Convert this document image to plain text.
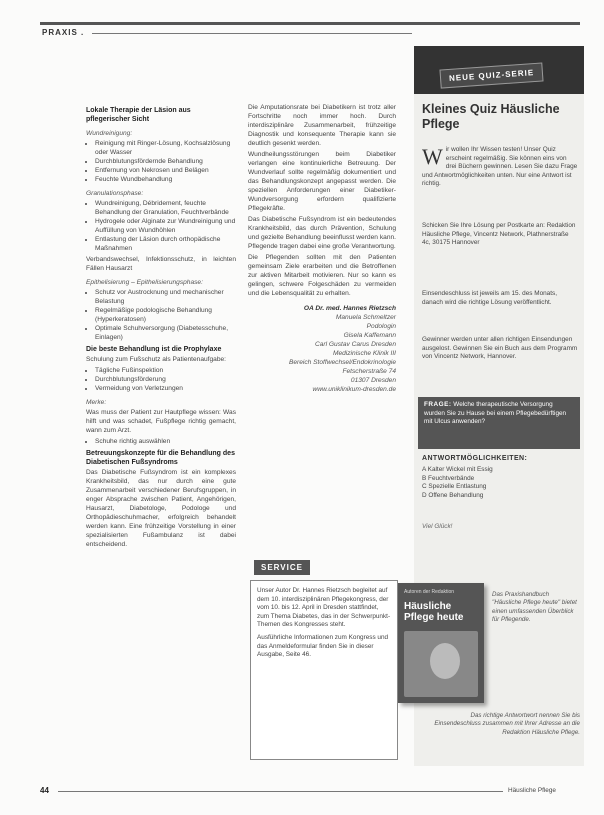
PRAXIS .
Lokale Therapie der Läsion aus pflegerischer Sicht
Wundreinigung:
• Reinigung mit Ringer-Lösung, Kochsalzlösung oder Wasser
• Durchblutungsfördernde Behandlung
• Entfernung von Nekrosen und Belägen
• Feuchte Wundbehandlung
Granulationsphase:
• Wundreinigung, Débridement, feuchte Behandlung der Granulation, Feuchtverbände
• Hydrogele oder Alginate zur Wundreinigung und Auffüllung von Wundhöhlen
• Entlastung der Läsion durch orthopädische Maßnahmen

Verbandswechsel, Infektionsschutz, in leichten Fällen Hausarzt

Epithelisierung – Epithelisierungsphase:
• Schutz vor Austrocknung und mechanischer Belastung
• Regelmäßige podologische Behandlung (Hyperkeratosen)
• Optimale Schuhversorgung (Diabetesschuhe, Einlagen)
Die beste Behandlung ist die Prophylaxe

Schulung zum Fußschutz als Patientenaufgabe:

• Tägliche Fußinspektion
• Durchblutungsförderung
• Vermeidung von Verletzungen
Merke:

Was muss der Patient zur Hautpflege wissen: Was hilft und was schadet, Fußpflege richtig gemacht, wann zum Arzt.

• Schuhe richtig auswählen
Betreuungskonzepte für die Behandlung des Diabetischen Fußsyndroms

Das Diabetische Fußsyndrom ist ein komplexes Krankheitsbild, das nur durch eine gute Zusammenarbeit verschiedener Berufsgruppen, in enger Absprache zwischen Patient, Angehörigen, Hausarzt, Diabetologe, Podologe und Orthopädieschuhmacher, erfolgreich behandelt werden kann. Eine frühzeitige Vorstellung in einer spezialisierten Fußambulanz ist dabei entscheidend.

Die Amputationsrate bei Diabetikern ist trotz aller Fortschritte noch immer hoch. Durch interdisziplinäre Zusammenarbeit, frühzeitige Diagnostik und konsequente Therapie kann sie deutlich gesenkt werden.

Wundheilungsstörungen beim Diabetiker verlangen eine kontinuierliche Betreuung. Der Wundverlauf sollte regelmäßig dokumentiert und das Behandlungskonzept angepasst werden. Die speziellen Anforderungen einer Diabetiker-Wundversorgung erfordern qualifizierte Pflegekräfte.

Das Diabetische Fußsyndrom ist ein bedeutendes Krankheitsbild, das durch Prävention, Schulung und gezielte Behandlung beeinflusst werden kann. Pflegende tragen dabei eine große Verantwortung.

Die Pflegenden sollten mit den Patienten gemeinsam Ziele erarbeiten und die Betroffenen zur aktiven Mitarbeit motivieren. Nur so kann es gelingen, schwere Folgeschäden zu vermeiden und die Lebensqualität zu erhalten.

OA Dr. med. Hannes Rietzsch
Manuela Schmeltzer
Podologin
Gisela Kaffemann
Carl Gustav Carus Dresden
Medizinische Klinik III
Bereich Stoffwechsel/Endokrinologie
Fetscherstraße 74
01307 Dresden
www.uniklinikum-dresden.de
SERVICE

Unser Autor Dr. Hannes Rietzsch begleitet auf dem 10. interdisziplinären Pflegekongress, der vom 10. bis 12. April in Dresden stattfindet, zum Thema Diabetes, das in der Schwerpunkt-Themen des Kongresses steht.

Ausführliche Informationen zum Kongress und das Anmeldeformular finden Sie in dieser Ausgabe, Seite 46.

NEUE QUIZ-SERIE
Kleines Quiz Häusliche Pflege
W ir wollen Ihr Wissen testen! Unser Quiz erscheint regelmäßig. Sie können eins von drei Büchern gewinnen. Lesen Sie dazu Frage und Antwortmöglichkeiten unten. Nur eine Antwort ist richtig.
Schicken Sie Ihre Lösung per Postkarte an: Redaktion Häusliche Pflege, Vincentz Network, Plathnerstraße 4c, 30175 Hannover
Einsendeschluss ist jeweils am 15. des Monats, danach wird die richtige Lösung veröffentlicht.
Gewinner werden unter allen richtigen Einsendungen ausgelost. Gewinnen Sie ein Buch aus dem Programm von Vincentz Network, Hannover.
FRAGE: Welche therapeutische Versorgung wurden Sie zu Hause bei einem Pflegebedürftigen mit Ulcus anwenden?
ANTWORTMÖGLICHKEITEN:
A Kalter Wickel mit Essig
B Feuchtverbände
C Spezielle Entlastung
D Offene Behandlung
Viel Glück!
Autoren der Redaktion
Häusliche Pflege heute
Das Praxishandbuch "Häusliche Pflege heute" bietet einen umfassenden Überblick für Pflegende.
Das richtige Antwortwort nennen Sie bis Einsendeschluss zusammen mit Ihrer Adresse an die Redaktion Häusliche Pflege.
44	Häusliche Pflege
